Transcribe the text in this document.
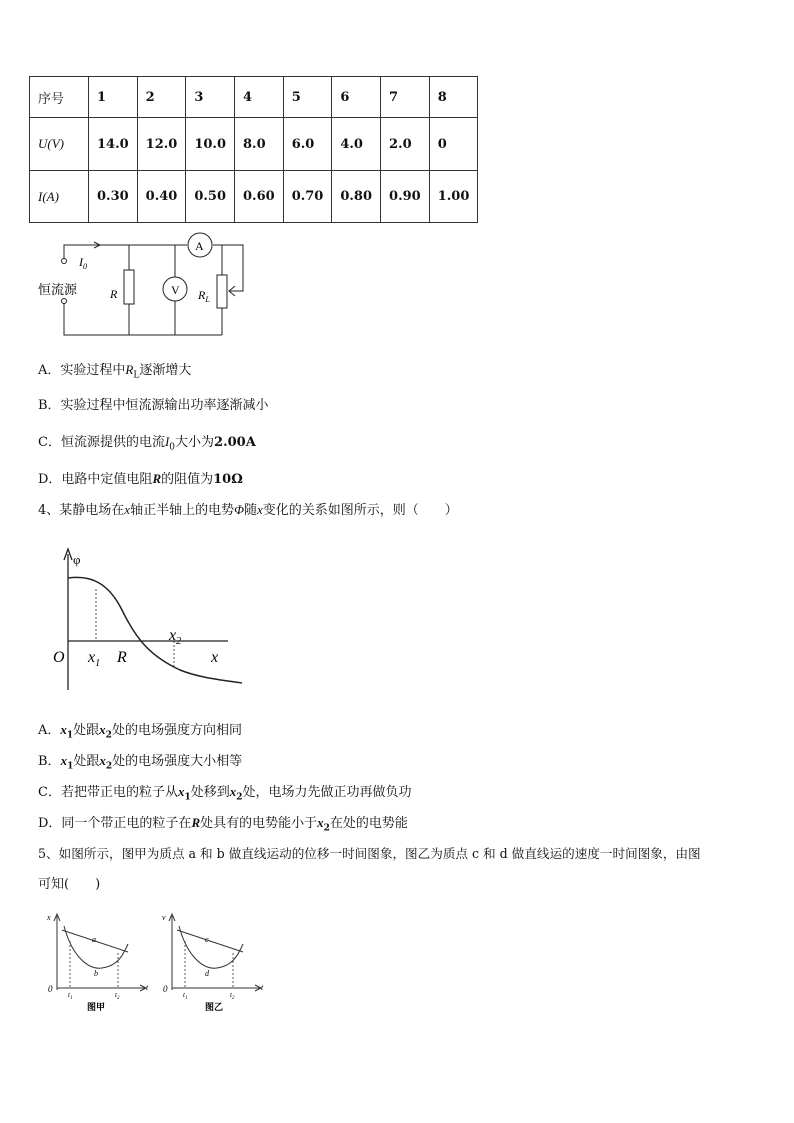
序号	1	2	3	4	5	6	7	8
U(V)	14.0	12.0	10.0	8.0	6.0	4.0	2.0	0
I(A)	0.30	0.40	0.50	0.60	0.70	0.80	0.90	1.00
$I_0$
恒流源	R	V
A
$R_L$
A．实验过程中$R_L$逐渐增大
B．实验过程中恒流源输出功率逐渐减小
C．恒流源提供的电流$I_0$大小为2.00A
D．电路中定值电阻R的阻值为10Ω
4、某静电场在x轴正半轴上的电势Φ随x变化的关系如图所示，则（　　）
φ
O $x_1$ R
$x_2$
x
A．$x_1$处跟$x_2$处的电场强度方向相同
B．$x_1$处跟$x_2$处的电场强度大小相等
C．若把带正电的粒子从$x_1$处移到$x_2$处，电场力先做正功再做负功
D．同一个带正电的粒子在R处具有的电势能小于$x_2$在处的电势能
5、如图所示，图甲为质点 a 和 b 做直线运动的位移一时间图象，图乙为质点 c 和 d 做直线运的速度一时间图象，由图
可知(　　)
x
0	t
$t_1$	$t_2$
a
b
图甲
v
0	t
$t_1$	$t_2$
c
d
图乙
